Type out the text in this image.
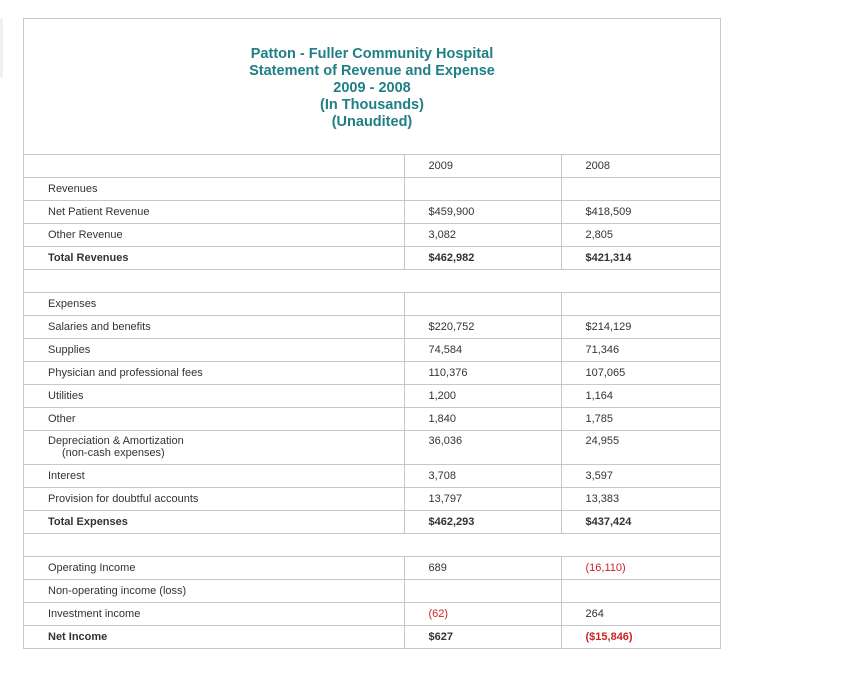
Patton - Fuller Community Hospital
Statement of Revenue and Expense
2009 - 2008
(In Thousands)
(Unaudited)
	2009	2008
Revenues		
Net Patient Revenue	$459,900	$418,509
Other Revenue	3,082	2,805
Total Revenues	$462,982	$421,314

Expenses		
Salaries and benefits	$220,752	$214,129
Supplies	74,584	71,346
Physician and professional fees	110,376	107,065
Utilities	1,200	1,164
Other	1,840	1,785
Depreciation & Amortization
(non-cash expenses)	36,036	24,955
Interest	3,708	3,597
Provision for doubtful accounts	13,797	13,383
Total Expenses	$462,293	$437,424

Operating Income	689	(16,110)
Non-operating income (loss)		
Investment income	(62)	264
Net Income	$627	($15,846)
